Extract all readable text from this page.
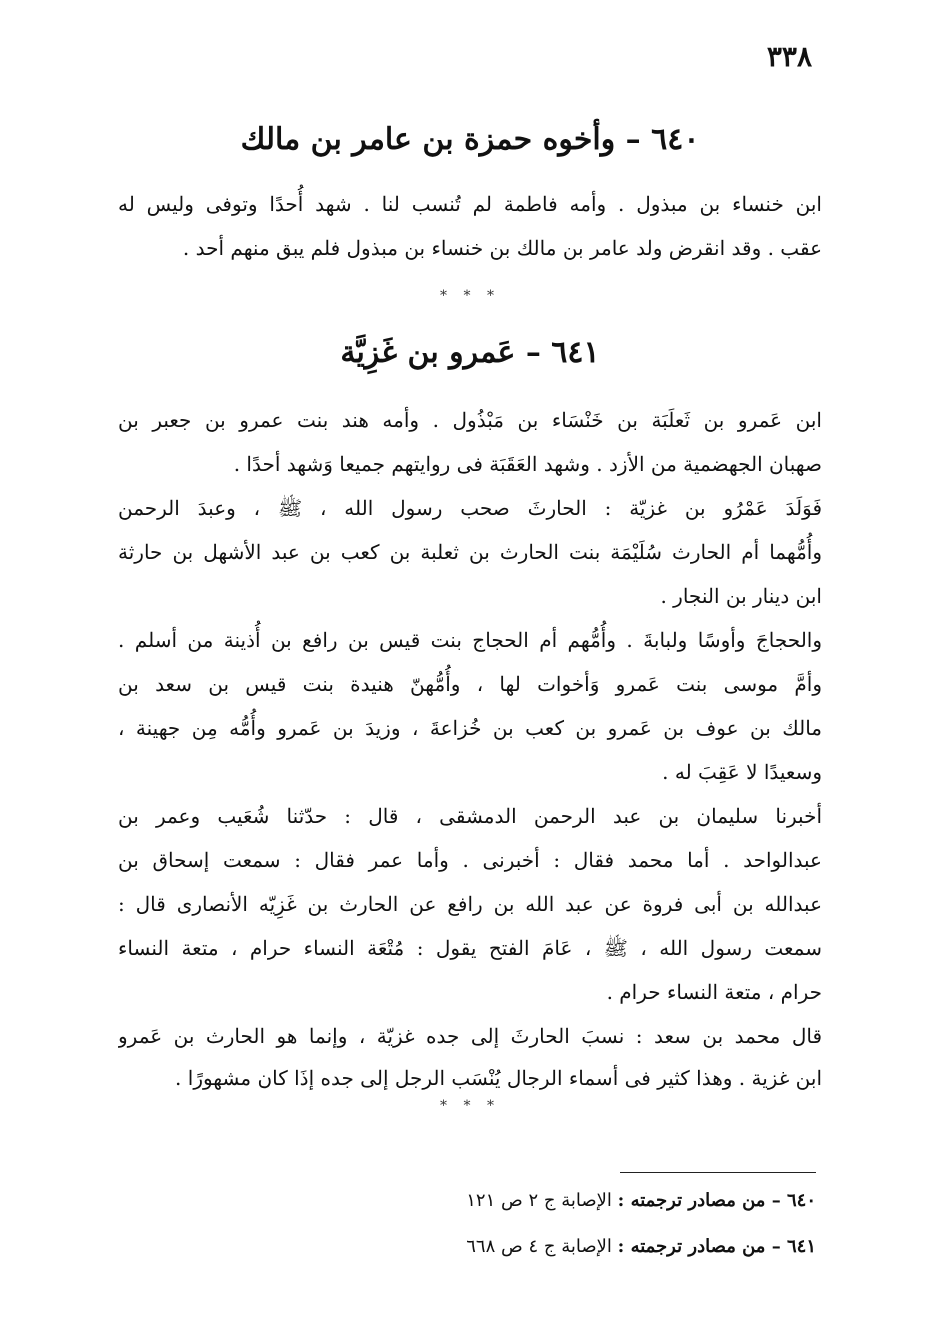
٣٣٨
٦٤٠ – وأخوه حمزة بن عامر بن مالك
ابن خنساء بن مبذول . وأمه فاطمة لم تُنسب لنا . شهد أُحدًا وتوفى وليس له
عقب . وقد انقرض ولد عامر بن مالك بن خنساء بن مبذول فلم يبق منهم أحد .
* * *
٦٤١ – عَمرو بن غَزِيَّة
ابن عَمرو بن ثَعلَبَة بن خَنْسَاء بن مَبْذُول . وأمه هند بنت عمرو بن جعبر بن
صهبان الجهضمية من الأزد . وشهد العَقَبَة فى روايتهم جميعا وَشهد أحدًا .
فَوَلَدَ عَمْرُو بن غزيّة : الحارثَ صحب رسول الله ، ﷺ ، وعبدَ الرحمن
وأُمُّهما أم الحارث سُلَيْمَة بنت الحارث بن ثعلبة بن كعب بن عبد الأشهل بن حارثة
ابن دينار بن النجار .
والحجاجَ وأوسًا ولبابةَ . وأُمُّهم أم الحجاج بنت قيس بن رافع بن أُذينة من أسلم .
وأمَّ موسى بنت عَمرو وَأخوات لها ، وأُمُّهنّ هنيدة بنت قيس بن سعد بن
مالك بن عوف بن عَمرو بن كعب بن خُزاعةَ ، وزيدَ بن عَمرو وأُمُّه مِن جهينة ،
وسعيدًا لا عَقِبَ له .
أخبرنا سليمان بن عبد الرحمن الدمشقى ، قال : حدّثنا شُعَيب وعمر بن
عبدالواحد . أما محمد فقال : أخبرنى . وأما عمر فقال : سمعت إسحاق بن
عبدالله بن أبى فروة عن عبد الله بن رافع عن الحارث بن غَزِيّه الأنصارى قال :
سمعت رسول الله ، ﷺ ، عَامَ الفتح يقول : مُتْعَة النساء حرام ، متعة النساء
حرام ، متعة النساء حرام .
قال محمد بن سعد : نسبَ الحارثَ إلى جده غزيّة ، وإنما هو الحارث بن عَمرو
ابن غزية . وهذا كثير فى أسماء الرجال يُنْسَب الرجل إلى جده إذَا كان مشهورًا .
* * *
٦٤٠ – من مصادر ترجمته : الإصابة ج ٢ ص ١٢١
٦٤١ – من مصادر ترجمته : الإصابة ج ٤ ص ٦٦٨
